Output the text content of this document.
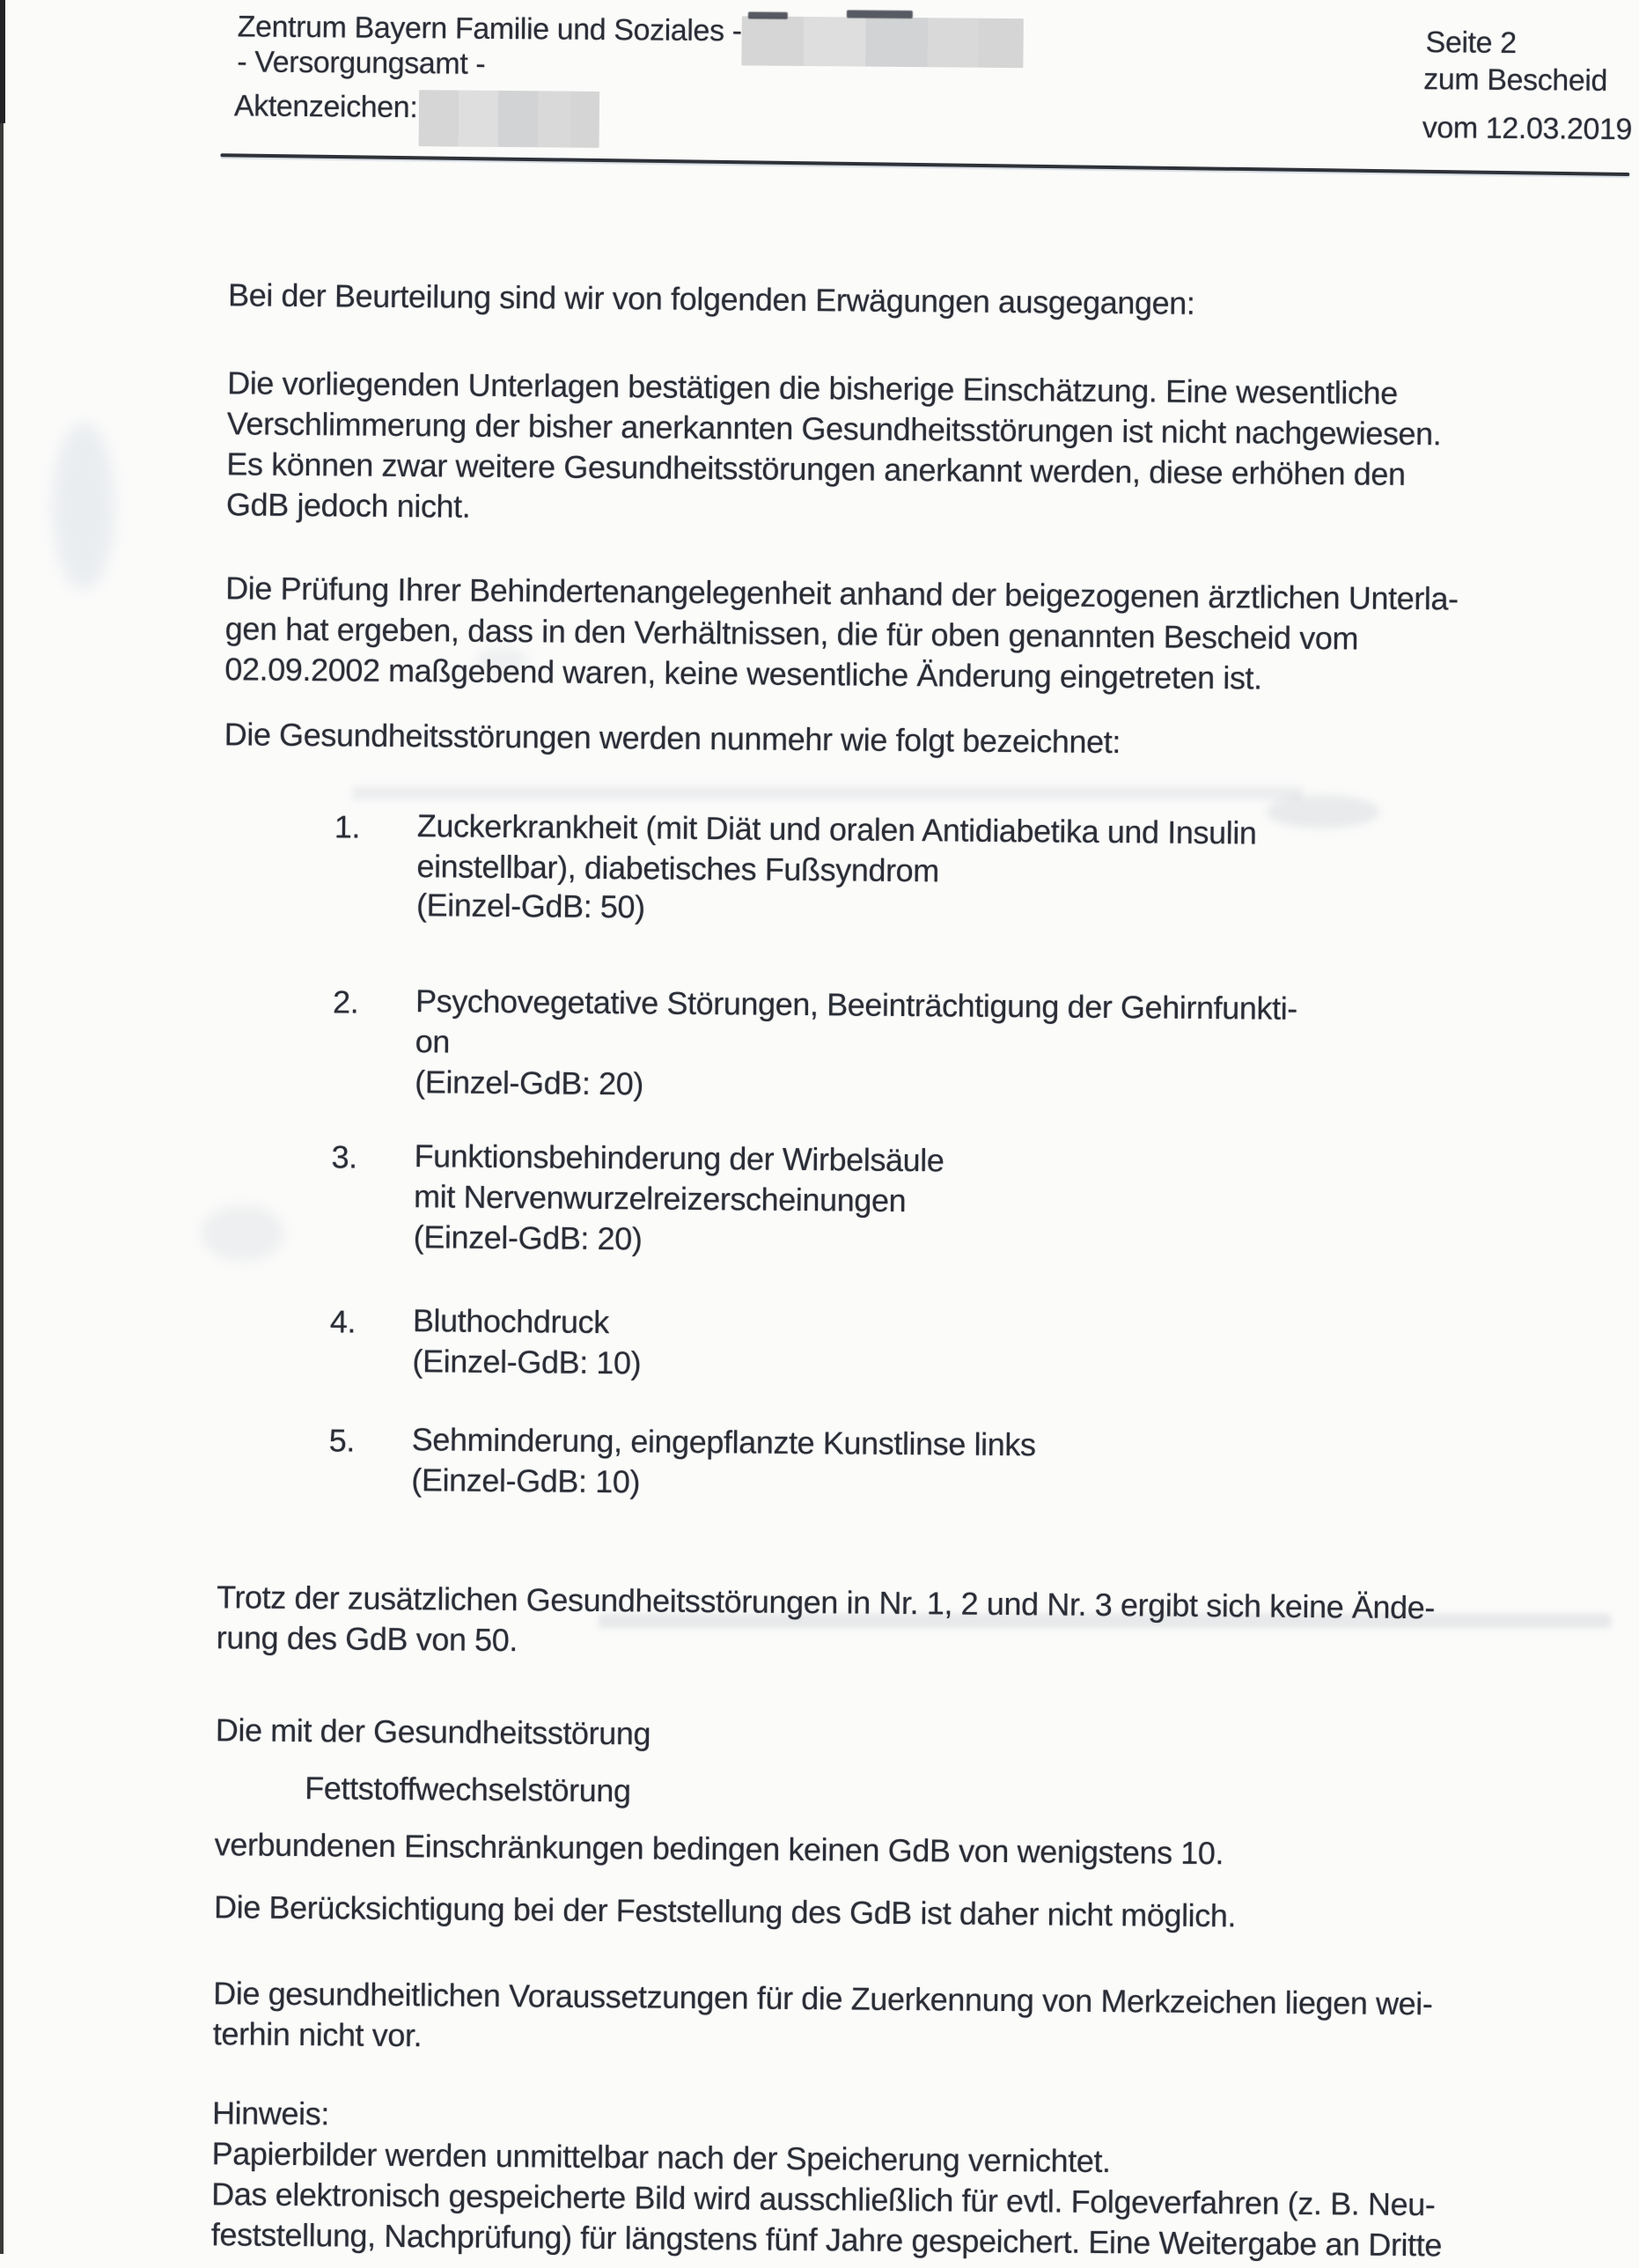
Zentrum Bayern Familie und Soziales -
- Versorgungsamt -
Aktenzeichen:
Seite 2
zum Bescheid
vom 12.03.2019
Bei der Beurteilung sind wir von folgenden Erwägungen ausgegangen:
Die vorliegenden Unterlagen bestätigen die bisherige Einschätzung. Eine wesentliche
Verschlimmerung der bisher anerkannten Gesundheitsstörungen ist nicht nachgewiesen.
Es können zwar weitere Gesundheitsstörungen anerkannt werden, diese erhöhen den
GdB jedoch nicht.
Die Prüfung Ihrer Behindertenangelegenheit anhand der beigezogenen ärztlichen Unterla-
gen hat ergeben, dass in den Verhältnissen, die für oben genannten Bescheid vom
02.09.2002 maßgebend waren, keine wesentliche Änderung eingetreten ist.
Die Gesundheitsstörungen werden nunmehr wie folgt bezeichnet:
1. Zuckerkrankheit (mit Diät und oralen Antidiabetika und Insulin
einstellbar), diabetisches Fußsyndrom
(Einzel-GdB: 50)
2. Psychovegetative Störungen, Beeinträchtigung der Gehirnfunkti-
on
(Einzel-GdB: 20)
3. Funktionsbehinderung der Wirbelsäule
mit Nervenwurzelreizerscheinungen
(Einzel-GdB: 20)
4. Bluthochdruck
(Einzel-GdB: 10)
5. Sehminderung, eingepflanzte Kunstlinse links
(Einzel-GdB: 10)
Trotz der zusätzlichen Gesundheitsstörungen in Nr. 1, 2 und Nr. 3 ergibt sich keine Ände-
rung des GdB von 50.
Die mit der Gesundheitsstörung
Fettstoffwechselstörung
verbundenen Einschränkungen bedingen keinen GdB von wenigstens 10.
Die Berücksichtigung bei der Feststellung des GdB ist daher nicht möglich.
Die gesundheitlichen Voraussetzungen für die Zuerkennung von Merkzeichen liegen wei-
terhin nicht vor.
Hinweis:
Papierbilder werden unmittelbar nach der Speicherung vernichtet.
Das elektronisch gespeicherte Bild wird ausschließlich für evtl. Folgeverfahren (z. B. Neu-
feststellung, Nachprüfung) für längstens fünf Jahre gespeichert. Eine Weitergabe an Dritte
